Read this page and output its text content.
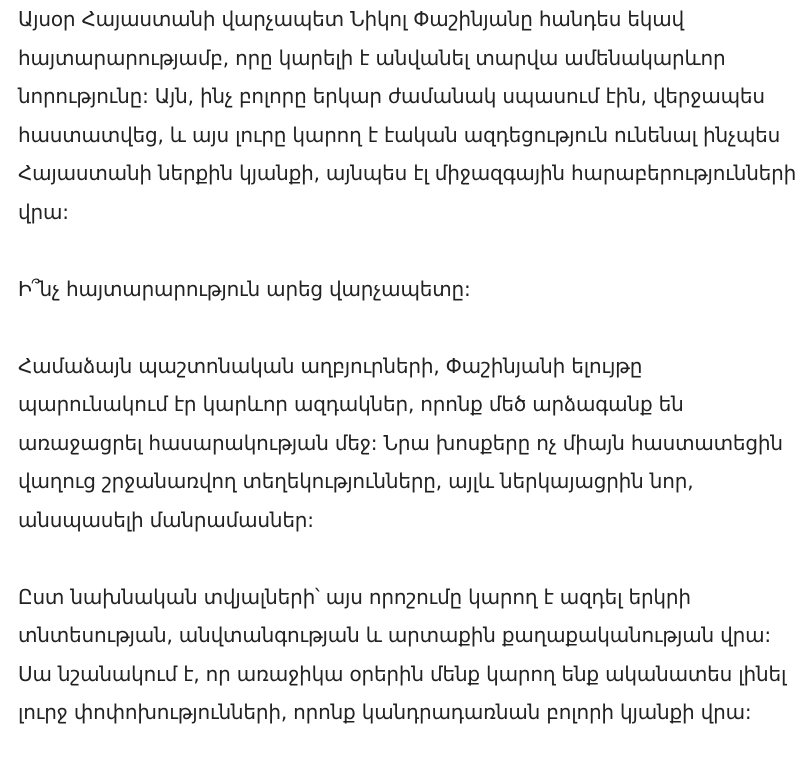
Այսօր Հայաստանի վարչապետ Նիկոլ Փաշինյանը հանդես եկավ հայտարարությամբ, որը կարելի է անվանել տարվա ամենակարևոր նորությունը: Այն, ինչ բոլորը երկար ժամանակ սպասում էին, վերջապես հաստատվեց, և այս լուրը կարող է էական ազդեցություն ունենալ ինչպես Հայաստանի ներքին կյանքի, այնպես էլ միջազգային հարաբերությունների վրա:

Ի՞նչ հայտարարություն արեց վարչապետը:

Համաձայն պաշտոնական աղբյուրների, Փաշինյանի ելույթը պարունակում էր կարևոր ազդակներ, որոնք մեծ արձագանք են առաջացրել հասարակության մեջ: Նրա խոսքերը ոչ միայն հաստատեցին վաղուց շրջանառվող տեղեկությունները, այլև ներկայացրին նոր, անսպասելի մանրամասներ:

Ըստ նախնական տվյալների՝ այս որոշումը կարող է ազդել երկրի տնտեսության, անվտանգության և արտաքին քաղաքականության վրա: Սա նշանակում է, որ առաջիկա օրերին մենք կարող ենք ականատես լինել լուրջ փոփոխությունների, որոնք կանդրադառնան բոլորի կյանքի վրա:
